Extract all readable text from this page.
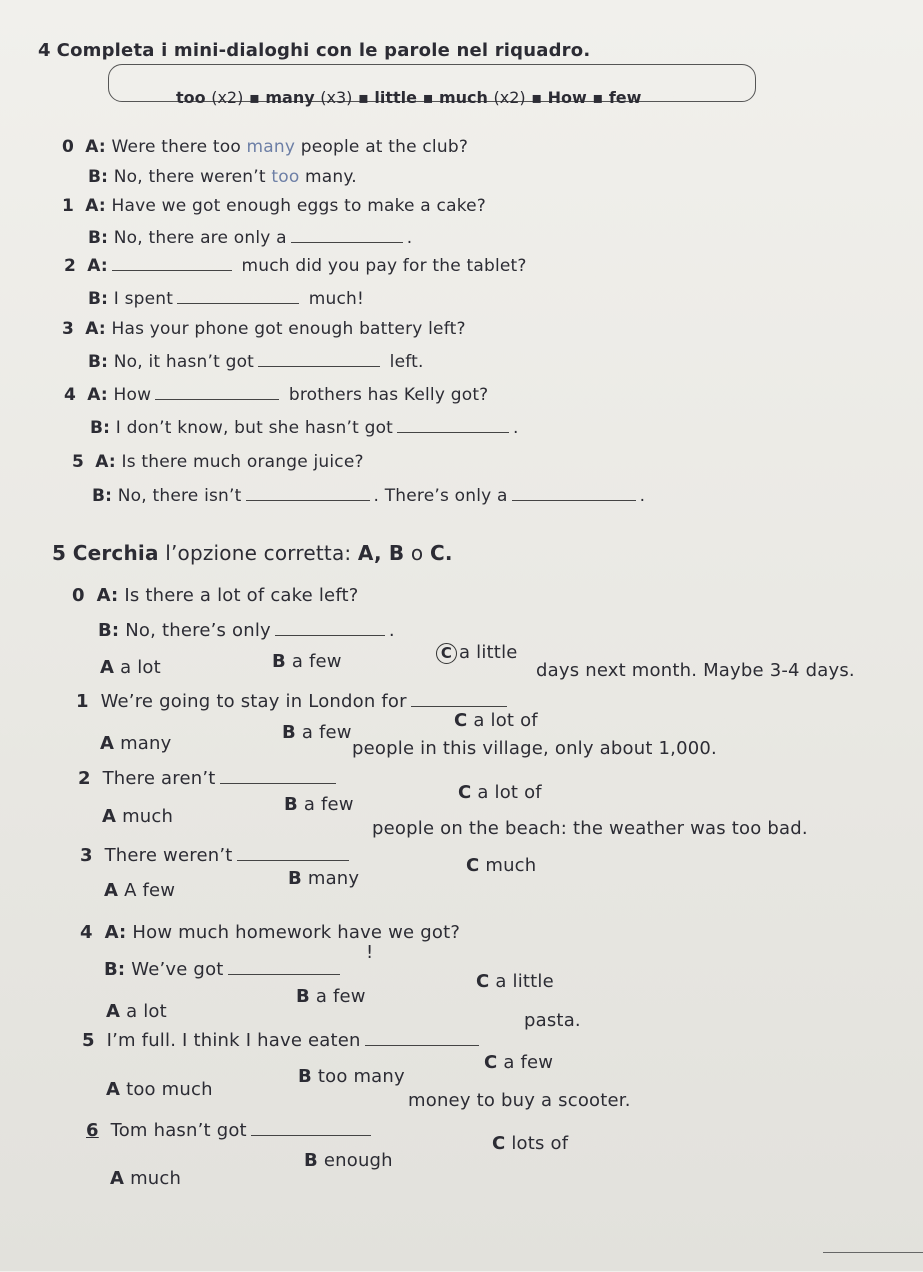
4 Completa i mini-dialoghi con le parole nel riquadro.
too (x2) ▪ many (x3) ▪ little ▪ much (x2) ▪ How ▪ few
0 A: Were there too many people at the club?
B: No, there weren’t too many.
1 A: Have we got enough eggs to make a cake?
B: No, there are only a	.
2 A:	much did you pay for the tablet?
B: I spent	much!
3 A: Has your phone got enough battery left?
B: No, it hasn’t got	left.
4 A: How	brothers has Kelly got?
B: I don’t know, but she hasn’t got	.
5 A: Is there much orange juice?
B: No, there isn’t	. There’s only a	.
5 Cerchia l’opzione corretta: A, B o C.
0 A: Is there a lot of cake left?
B: No, there’s only	.
A a lot	B a few	C a little
1 We’re going to stay in London for
days next month. Maybe 3-4 days.
A many
B a few
C a lot of
2 There aren’t
people in this village, only about 1,000.
A much
B a few
C a lot of
3 There weren’t
people on the beach: the weather was too bad.
A A few
B many
C much
4 A: How much homework have we got?
B: We’ve got
!
A a lot
B a few
C a little
5 I’m full. I think I have eaten
pasta.
A too much
B too many
C a few
6 Tom hasn’t got
money to buy a scooter.
A much
B enough
C lots of
